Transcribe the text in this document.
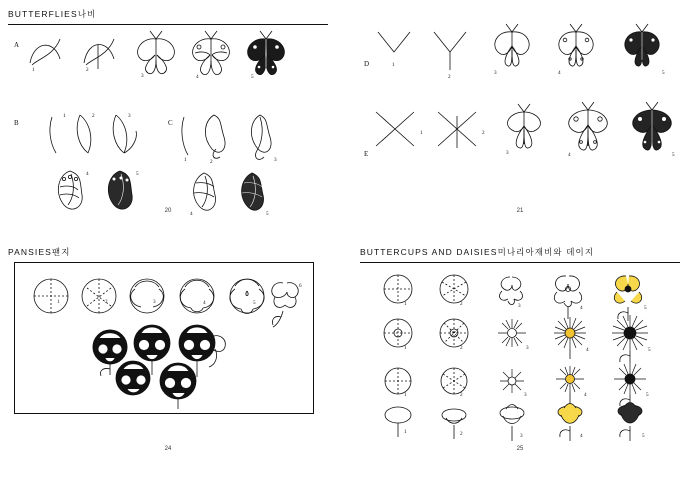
BUTTERFLIES나비
A
1	2
3	4	5
B
1	2	3
C
1	2	3
4	5
4	5
20
D	1
2
3	4	5
E
1	2
3	4	5
21
PANSIES팬지
1	2	3	4	5
6
24
BUTTERCUPS AND DAISIES미나리아재비와 데이지
1	2	3	4	5
1	2	3	4	5
1	2	3	4	5
1	2	3	4	5
25
